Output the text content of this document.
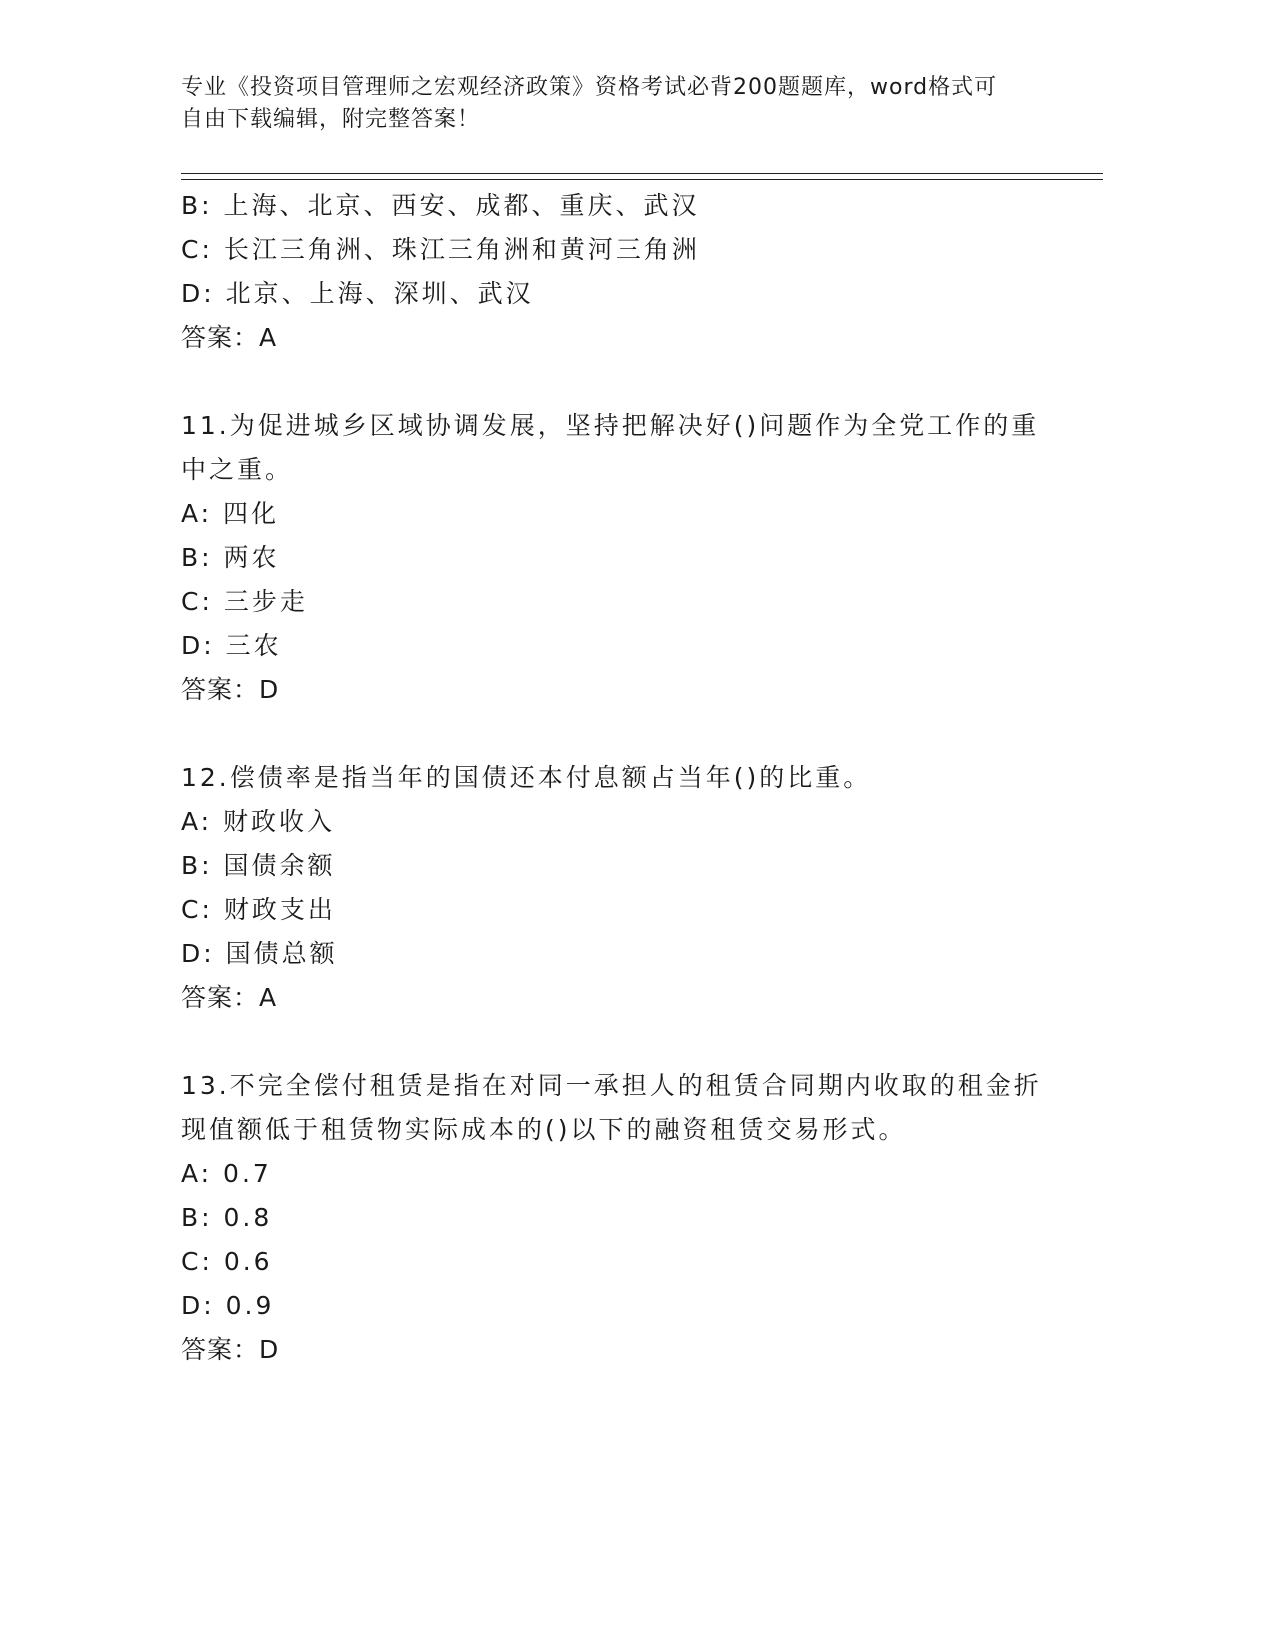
专业《投资项目管理师之宏观经济政策》资格考试必背200题题库，word格式可
自由下载编辑，附完整答案！
B: 上海、北京、西安、成都、重庆、武汉
C: 长江三角洲、珠江三角洲和黄河三角洲
D: 北京、上海、深圳、武汉
答案：A
11.为促进城乡区域协调发展，坚持把解决好()问题作为全党工作的重
中之重。
A: 四化
B: 两农
C: 三步走
D: 三农
答案：D
12.偿债率是指当年的国债还本付息额占当年()的比重。
A: 财政收入
B: 国债余额
C: 财政支出
D: 国债总额
答案：A
13.不完全偿付租赁是指在对同一承担人的租赁合同期内收取的租金折
现值额低于租赁物实际成本的()以下的融资租赁交易形式。
A: 0.7
B: 0.8
C: 0.6
D: 0.9
答案：D
